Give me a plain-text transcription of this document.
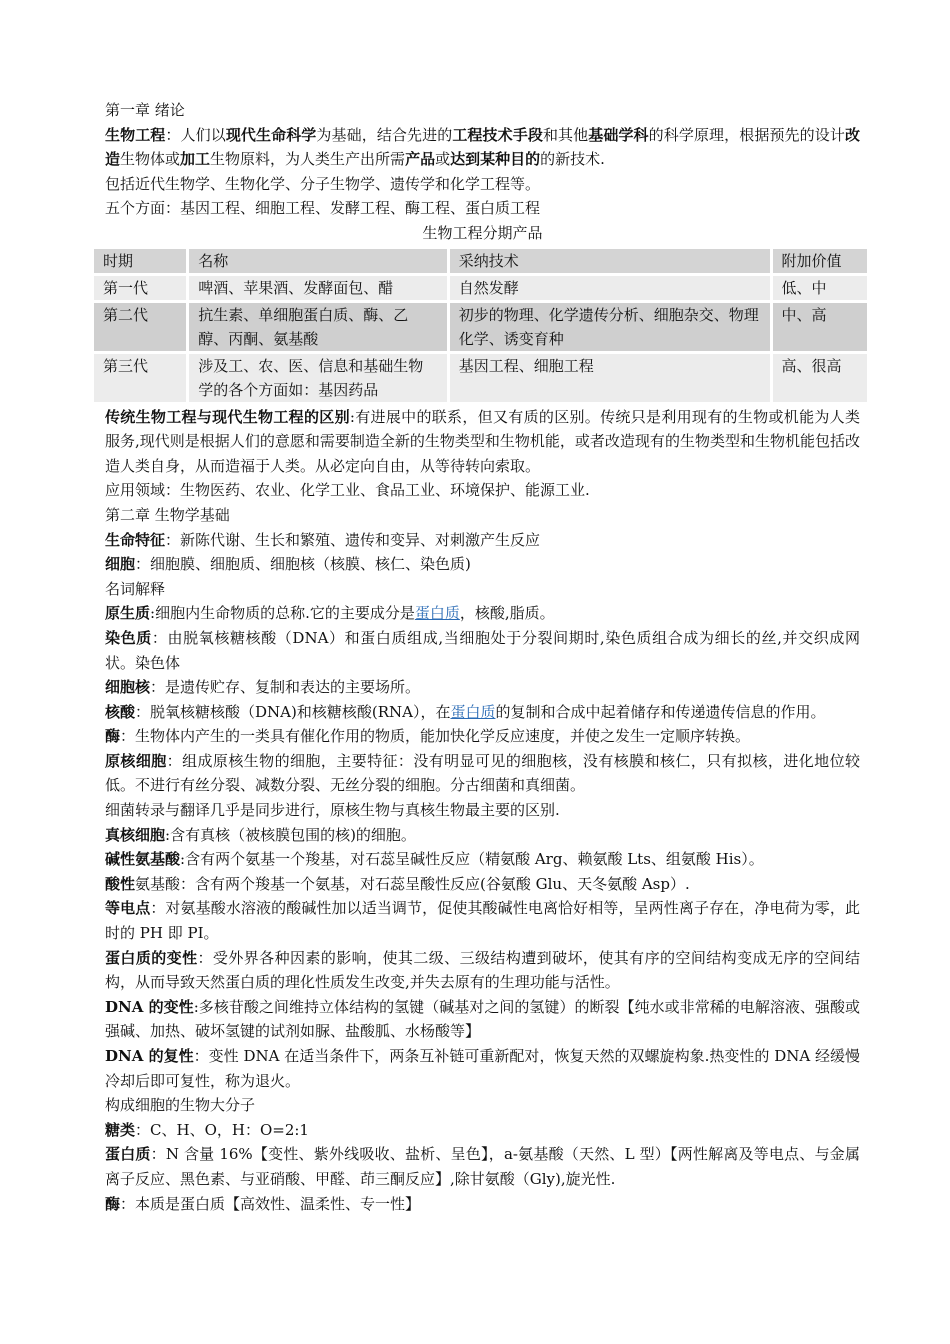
第一章 绪论

生物工程：人们以现代生命科学为基础，结合先进的工程技术手段和其他基础学科的科学原理，根据预先的设计改造生物体或加工生物原料，为人类生产出所需产品或达到某种目的的新技术.

包括近代生物学、生物化学、分子生物学、遗传学和化学工程等。

五个方面：基因工程、细胞工程、发酵工程、酶工程、蛋白质工程

生物工程分期产品

时期	名称	采纳技术	附加价值
第一代	啤酒、苹果酒、发酵面包、醋	自然发酵	低、中
第二代	抗生素、单细胞蛋白质、酶、乙醇、丙酮、氨基酸	初步的物理、化学遗传分析、细胞杂交、物理化学、诱变育种	中、高
第三代	涉及工、农、医、信息和基础生物学的各个方面如：基因药品	基因工程、细胞工程	高、很高

传统生物工程与现代生物工程的区别:有进展中的联系，但又有质的区别。传统只是利用现有的生物或机能为人类服务,现代则是根据人们的意愿和需要制造全新的生物类型和生物机能，或者改造现有的生物类型和生物机能包括改造人类自身，从而造福于人类。从必定向自由，从等待转向索取。

应用领域：生物医药、农业、化学工业、食品工业、环境保护、能源工业.

第二章 生物学基础

生命特征：新陈代谢、生长和繁殖、遗传和变异、对刺激产生反应

细胞：细胞膜、细胞质、细胞核（核膜、核仁、染色质)

名词解释

原生质:细胞内生命物质的总称.它的主要成分是蛋白质，核酸,脂质。

染色质：由脱氧核糖核酸（DNA）和蛋白质组成,当细胞处于分裂间期时,染色质组合成为细长的丝,并交织成网状。染色体

细胞核：是遗传贮存、复制和表达的主要场所。

核酸：脱氧核糖核酸（DNA)和核糖核酸(RNA），在蛋白质的复制和合成中起着储存和传递遗传信息的作用。

酶：生物体内产生的一类具有催化作用的物质，能加快化学反应速度，并使之发生一定顺序转换。

原核细胞：组成原核生物的细胞，主要特征：没有明显可见的细胞核，没有核膜和核仁，只有拟核，进化地位较低。不进行有丝分裂、减数分裂、无丝分裂的细胞。分古细菌和真细菌。

细菌转录与翻译几乎是同步进行，原核生物与真核生物最主要的区别.

真核细胞:含有真核（被核膜包围的核)的细胞。

碱性氨基酸:含有两个氨基一个羧基，对石蕊呈碱性反应（精氨酸 Arg、赖氨酸 Lts、组氨酸 His）。

酸性氨基酸：含有两个羧基一个氨基，对石蕊呈酸性反应(谷氨酸 Glu、天冬氨酸 Asp）.

等电点：对氨基酸水溶液的酸碱性加以适当调节，促使其酸碱性电离恰好相等，呈两性离子存在，净电荷为零，此时的 PH 即 PI。

蛋白质的变性：受外界各种因素的影响，使其二级、三级结构遭到破坏，使其有序的空间结构变成无序的空间结构，从而导致天然蛋白质的理化性质发生改变,并失去原有的生理功能与活性。

DNA 的变性:多核苷酸之间维持立体结构的氢键（碱基对之间的氢键）的断裂【纯水或非常稀的电解溶液、强酸或强碱、加热、破坏氢键的试剂如脲、盐酸胍、水杨酸等】

DNA 的复性：变性 DNA 在适当条件下，两条互补链可重新配对，恢复天然的双螺旋构象.热变性的 DNA 经缓慢冷却后即可复性，称为退火。

构成细胞的生物大分子

糖类：C、H、O，H：O=2:1

蛋白质：N 含量 16%【变性、紫外线吸收、盐析、呈色】，a-氨基酸（天然、L 型）【两性解离及等电点、与金属离子反应、黑色素、与亚硝酸、甲醛、茚三酮反应】,除甘氨酸（Gly),旋光性.

酶：本质是蛋白质【高效性、温柔性、专一性】
